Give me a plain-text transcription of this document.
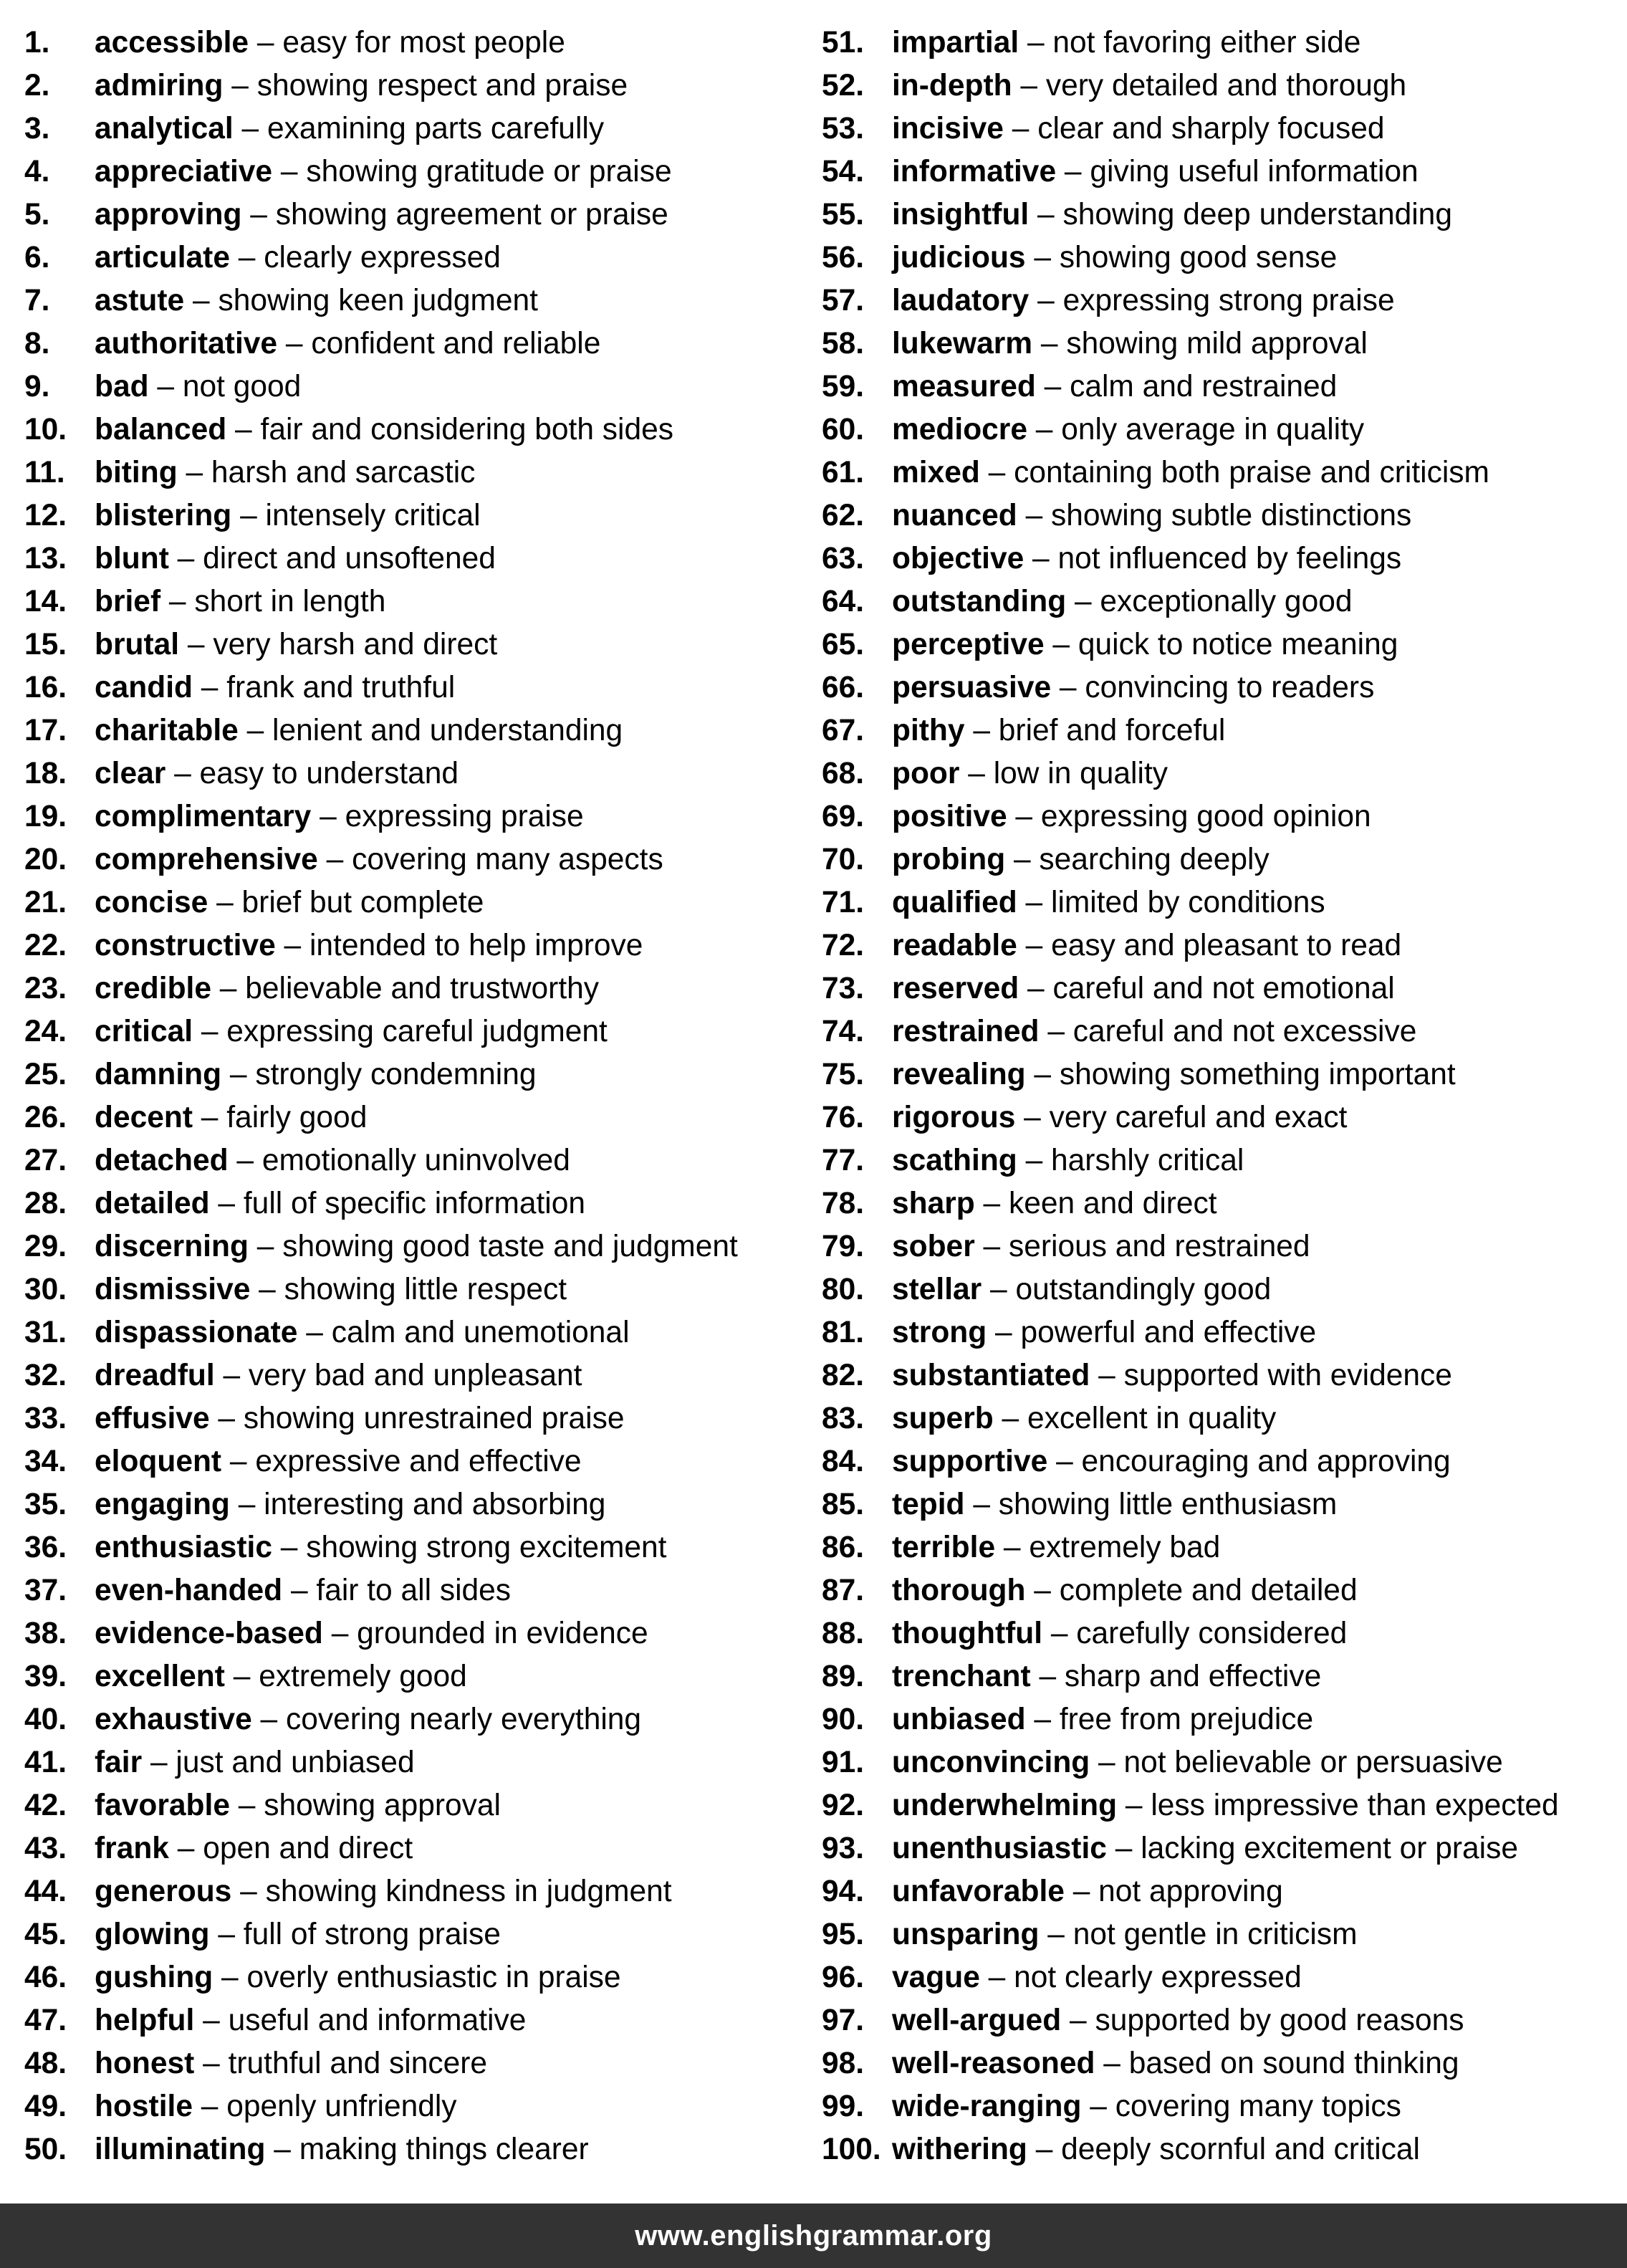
1.	accessible – easy for most people
2.	admiring – showing respect and praise
3.	analytical – examining parts carefully
4.	appreciative – showing gratitude or praise
5.	approving – showing agreement or praise
6.	articulate – clearly expressed
7.	astute – showing keen judgment
8.	authoritative – confident and reliable
9.	bad – not good
10. balanced – fair and considering both sides
11. biting – harsh and sarcastic
12. blistering – intensely critical
13. blunt – direct and unsoftened
14. brief – short in length
15. brutal – very harsh and direct
16. candid – frank and truthful
17. charitable – lenient and understanding
18. clear – easy to understand
19. complimentary – expressing praise
20. comprehensive – covering many aspects
21. concise – brief but complete
22. constructive – intended to help improve
23. credible – believable and trustworthy
24. critical – expressing careful judgment
25. damning – strongly condemning
26. decent – fairly good
27. detached – emotionally uninvolved
28. detailed – full of specific information
29. discerning – showing good taste and judgment
30. dismissive – showing little respect
31. dispassionate – calm and unemotional
32. dreadful – very bad and unpleasant
33. effusive – showing unrestrained praise
34. eloquent – expressive and effective
35. engaging – interesting and absorbing
36. enthusiastic – showing strong excitement
37. even-handed – fair to all sides
38. evidence-based – grounded in evidence
39. excellent – extremely good
40. exhaustive – covering nearly everything
41. fair – just and unbiased
42. favorable – showing approval
43. frank – open and direct
44. generous – showing kindness in judgment
45. glowing – full of strong praise
46. gushing – overly enthusiastic in praise
47. helpful – useful and informative
48. honest – truthful and sincere
49. hostile – openly unfriendly
50. illuminating – making things clearer
51. impartial – not favoring either side
52. in-depth – very detailed and thorough
53. incisive – clear and sharply focused
54. informative – giving useful information
55. insightful – showing deep understanding
56. judicious – showing good sense
57. laudatory – expressing strong praise
58. lukewarm – showing mild approval
59. measured – calm and restrained
60. mediocre – only average in quality
61. mixed – containing both praise and criticism
62. nuanced – showing subtle distinctions
63. objective – not influenced by feelings
64. outstanding – exceptionally good
65. perceptive – quick to notice meaning
66. persuasive – convincing to readers
67. pithy – brief and forceful
68. poor – low in quality
69. positive – expressing good opinion
70. probing – searching deeply
71. qualified – limited by conditions
72. readable – easy and pleasant to read
73. reserved – careful and not emotional
74. restrained – careful and not excessive
75. revealing – showing something important
76. rigorous – very careful and exact
77. scathing – harshly critical
78. sharp – keen and direct
79. sober – serious and restrained
80. stellar – outstandingly good
81. strong – powerful and effective
82. substantiated – supported with evidence
83. superb – excellent in quality
84. supportive – encouraging and approving
85. tepid – showing little enthusiasm
86. terrible – extremely bad
87. thorough – complete and detailed
88. thoughtful – carefully considered
89. trenchant – sharp and effective
90. unbiased – free from prejudice
91. unconvincing – not believable or persuasive
92. underwhelming – less impressive than expected
93. unenthusiastic – lacking excitement or praise
94. unfavorable – not approving
95. unsparing – not gentle in criticism
96. vague – not clearly expressed
97. well-argued – supported by good reasons
98. well-reasoned – based on sound thinking
99. wide-ranging – covering many topics
100. withering – deeply scornful and critical
www.englishgrammar.org
